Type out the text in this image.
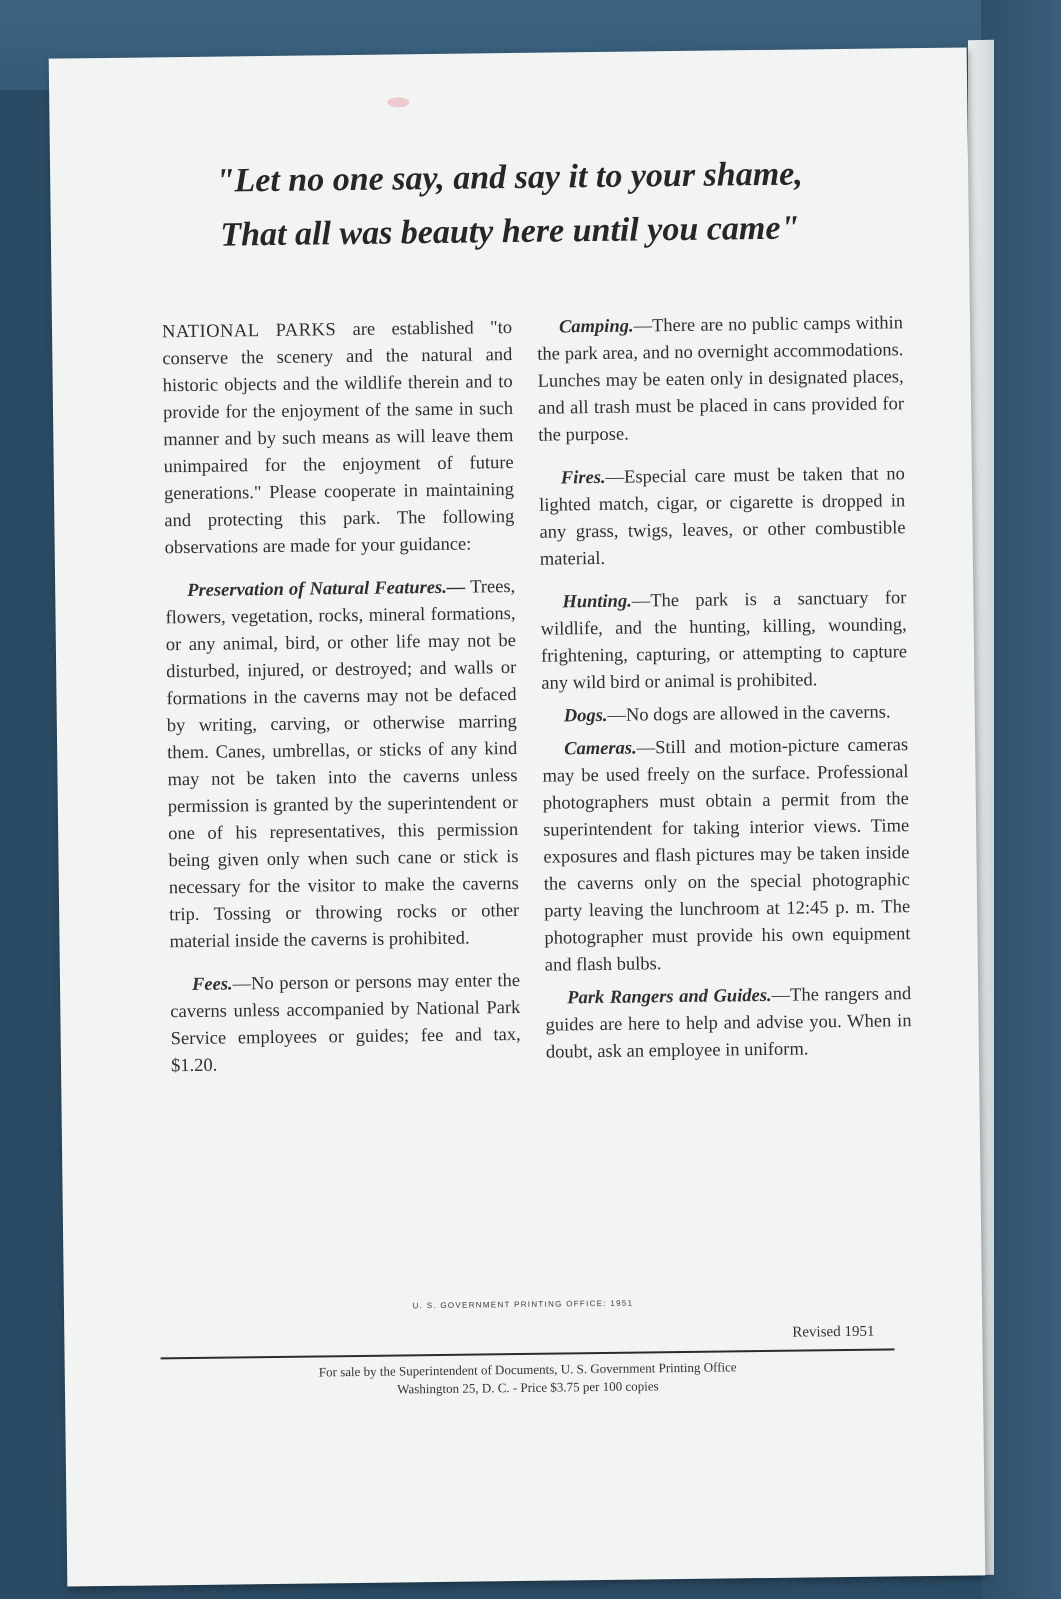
"Let no one say, and say it to your shame,
That all was beauty here until you came"

NATIONAL PARKS are established "to conserve the scenery and the natural and historic objects and the wildlife therein and to provide for the enjoyment of the same in such manner and by such means as will leave them unimpaired for the enjoyment of future generations." Please cooperate in maintaining and protecting this park. The following observations are made for your guidance:

Preservation of Natural Features.— Trees, flowers, vegetation, rocks, mineral formations, or any animal, bird, or other life may not be disturbed, injured, or destroyed; and walls or formations in the caverns may not be defaced by writing, carving, or otherwise marring them. Canes, umbrellas, or sticks of any kind may not be taken into the caverns unless permission is granted by the superintendent or one of his representatives, this permission being given only when such cane or stick is necessary for the visitor to make the caverns trip. Tossing or throwing rocks or other material inside the caverns is prohibited.

Fees.—No person or persons may enter the caverns unless accompanied by National Park Service employees or guides; fee and tax, $1.20.

Camping.—There are no public camps within the park area, and no overnight accommodations. Lunches may be eaten only in designated places, and all trash must be placed in cans provided for the purpose.

Fires.—Especial care must be taken that no lighted match, cigar, or cigarette is dropped in any grass, twigs, leaves, or other combustible material.

Hunting.—The park is a sanctuary for wildlife, and the hunting, killing, wounding, frightening, capturing, or attempting to capture any wild bird or animal is prohibited.

Dogs.—No dogs are allowed in the caverns.

Cameras.—Still and motion-picture cameras may be used freely on the surface. Professional photographers must obtain a permit from the superintendent for taking interior views. Time exposures and flash pictures may be taken inside the caverns only on the special photographic party leaving the lunchroom at 12:45 p. m. The photographer must provide his own equipment and flash bulbs.

Park Rangers and Guides.—The rangers and guides are here to help and advise you. When in doubt, ask an employee in uniform.

U. S. GOVERNMENT PRINTING OFFICE: 1951
Revised 1951
For sale by the Superintendent of Documents, U. S. Government Printing Office
Washington 25, D. C. - Price $3.75 per 100 copies
